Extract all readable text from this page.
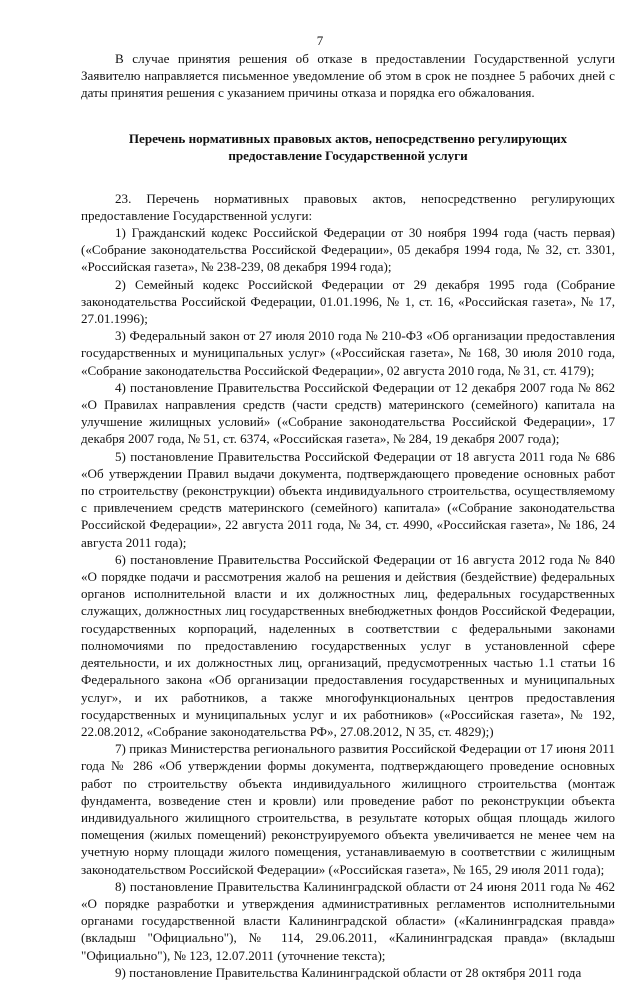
7

В случае принятия решения об отказе в предоставлении Государственной услуги Заявителю направляется письменное уведомление об этом в срок не позднее 5 рабочих дней с даты принятия решения с указанием причины отказа и порядка его обжалования.

Перечень нормативных правовых актов, непосредственно регулирующих предоставление Государственной услуги

23. Перечень нормативных правовых актов, непосредственно регулирующих предоставление Государственной услуги:

1) Гражданский кодекс Российской Федерации от 30 ноября 1994 года (часть первая) («Собрание законодательства Российской Федерации», 05 декабря 1994 года, № 32, ст. 3301, «Российская газета», № 238-239, 08 декабря 1994 года);

2) Семейный кодекс Российской Федерации от 29 декабря 1995 года (Собрание законодательства Российской Федерации, 01.01.1996, № 1, ст. 16, «Российская газета», № 17, 27.01.1996);

3) Федеральный закон от 27 июля 2010 года № 210-ФЗ «Об организации предоставления государственных и муниципальных услуг» («Российская газета», № 168, 30 июля 2010 года, «Собрание законодательства Российской Федерации», 02 августа 2010 года, № 31, ст. 4179);

4) постановление Правительства Российской Федерации от 12 декабря 2007 года № 862 «О Правилах направления средств (части средств) материнского (семейного) капитала на улучшение жилищных условий» («Собрание законодательства Российской Федерации», 17 декабря 2007 года, № 51, ст. 6374, «Российская газета», № 284, 19 декабря 2007 года);

5) постановление Правительства Российской Федерации от 18 августа 2011 года № 686 «Об утверждении Правил выдачи документа, подтверждающего проведение основных работ по строительству (реконструкции) объекта индивидуального строительства, осуществляемому с привлечением средств материнского (семейного) капитала» («Собрание законодательства Российской Федерации», 22 августа 2011 года, № 34, ст. 4990, «Российская газета», № 186, 24 августа 2011 года);

6) постановление Правительства Российской Федерации от 16 августа 2012 года № 840 «О порядке подачи и рассмотрения жалоб на решения и действия (бездействие) федеральных органов исполнительной власти и их должностных лиц, федеральных государственных служащих, должностных лиц государственных внебюджетных фондов Российской Федерации, государственных корпораций, наделенных в соответствии с федеральными законами полномочиями по предоставлению государственных услуг в установленной сфере деятельности, и их должностных лиц, организаций, предусмотренных частью 1.1 статьи 16 Федерального закона «Об организации предоставления государственных и муниципальных услуг», и их работников, а также многофункциональных центров предоставления государственных и муниципальных услуг и их работников» («Российская газета», № 192, 22.08.2012, «Собрание законодательства РФ», 27.08.2012, N 35, ст. 4829);)

7) приказ Министерства регионального развития Российской Федерации от 17 июня 2011 года № 286 «Об утверждении формы документа, подтверждающего проведение основных работ по строительству объекта индивидуального жилищного строительства (монтаж фундамента, возведение стен и кровли) или проведение работ по реконструкции объекта индивидуального жилищного строительства, в результате которых общая площадь жилого помещения (жилых помещений) реконструируемого объекта увеличивается не менее чем на учетную норму площади жилого помещения, устанавливаемую в соответствии с жилищным законодательством Российской Федерации» («Российская газета», № 165, 29 июля 2011 года);

8) постановление Правительства Калининградской области от 24 июня 2011 года № 462 «О порядке разработки и утверждения административных регламентов исполнительными органами государственной власти Калининградской области» («Калининградская правда» (вкладыш "Официально"), № 114, 29.06.2011, «Калининградская правда» (вкладыш "Официально"), № 123, 12.07.2011 (уточнение текста);

9) постановление Правительства Калининградской области от 28 октября 2011 года
